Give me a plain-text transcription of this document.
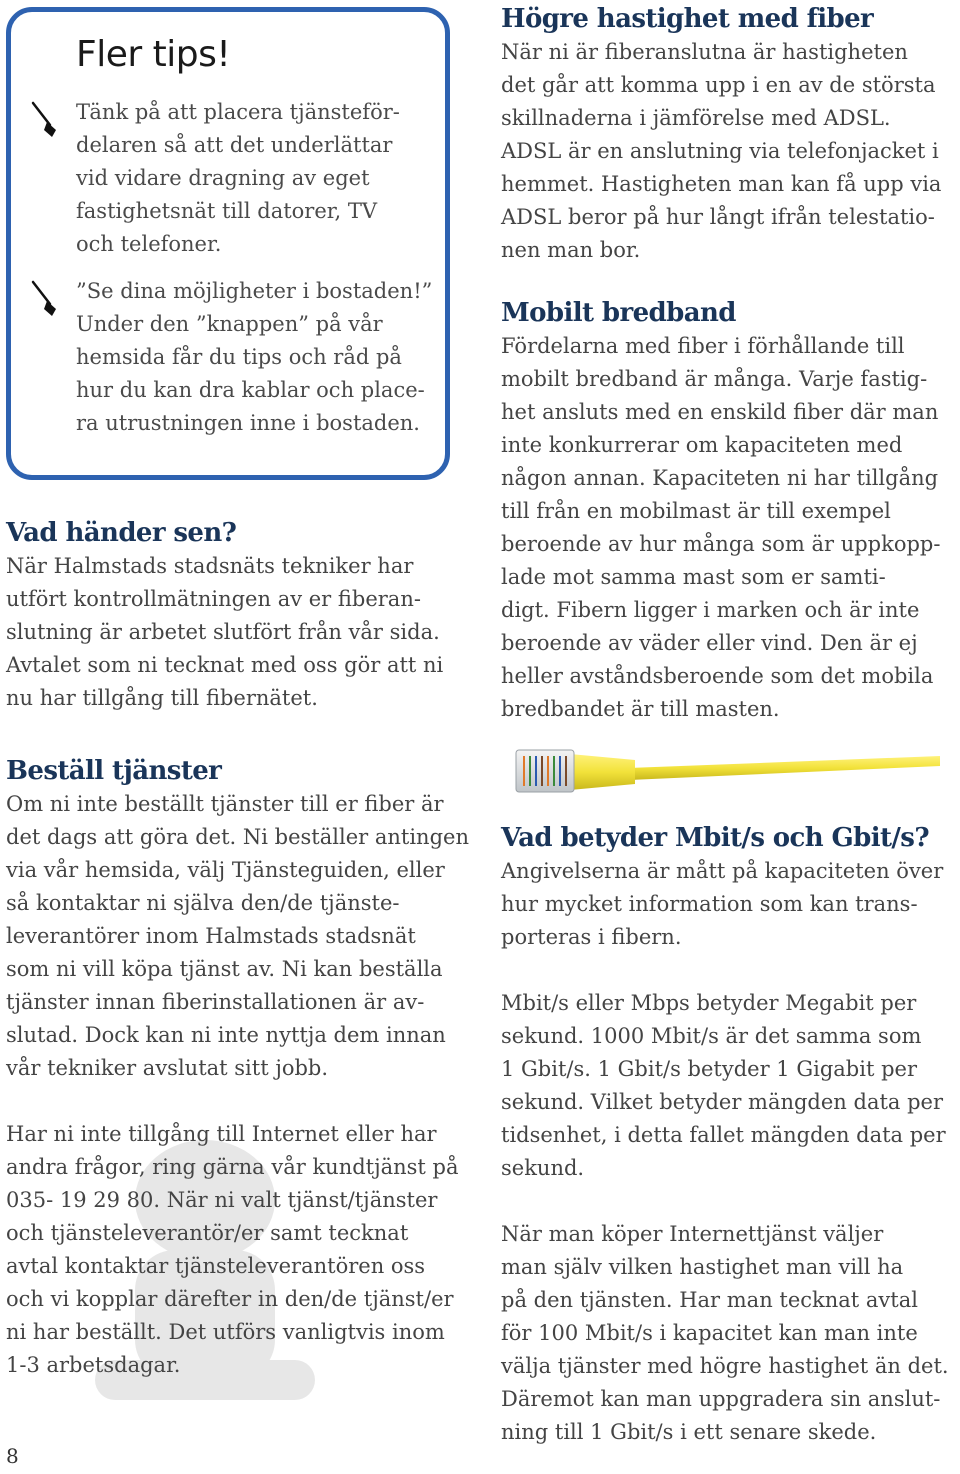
Fler tips!

Tänk på att placera tjänsteför-

delaren så att det underlättar

vid vidare dragning av eget

fastighetsnät till datorer, TV

och telefoner.

”Se dina möjligheter i bostaden!”

Under den ”knappen” på vår

hemsida får du tips och råd på

hur du kan dra kablar och place-

ra utrustningen inne i bostaden.

Vad händer sen?

När Halmstads stadsnäts tekniker har

utfört kontrollmätningen av er fiberan-

slutning är arbetet slutfört från vår sida.

Avtalet som ni tecknat med oss gör att ni

nu har tillgång till fibernätet.

Beställ tjänster

Om ni inte beställt tjänster till er fiber är

det dags att göra det. Ni beställer antingen

via vår hemsida, välj Tjänsteguiden, eller

så kontaktar ni själva den/de tjänste-

leverantörer inom Halmstads stadsnät

som ni vill köpa tjänst av. Ni kan beställa

tjänster innan fiberinstallationen är av-

slutad. Dock kan ni inte nyttja dem innan

vår tekniker avslutat sitt jobb.

Har ni inte tillgång till Internet eller har

andra frågor, ring gärna vår kundtjänst på

035- 19 29 80. När ni valt tjänst/tjänster

och tjänsteleverantör/er samt tecknat

avtal kontaktar tjänsteleverantören oss

och vi kopplar därefter in den/de tjänst/er

ni har beställt. Det utförs vanligtvis inom

1-3 arbetsdagar.

Högre hastighet med fiber

När ni är fiberanslutna är hastigheten

det går att komma upp i en av de största

skillnaderna i jämförelse med ADSL.

ADSL är en anslutning via telefonjacket i

hemmet. Hastigheten man kan få upp via

ADSL beror på hur långt ifrån telestatio-

nen man bor.

Mobilt bredband

Fördelarna med fiber i förhållande till

mobilt bredband är många. Varje fastig-

het ansluts med en enskild fiber där man

inte konkurrerar om kapaciteten med

någon annan. Kapaciteten ni har tillgång

till från en mobilmast är till exempel

beroende av hur många som är uppkopp-

lade mot samma mast som er samti-

digt. Fibern ligger i marken och är inte

beroende av väder eller vind. Den är ej

heller avståndsberoende som det mobila

bredbandet är till masten.

Vad betyder Mbit/s och Gbit/s?

Angivelserna är mått på kapaciteten över

hur mycket information som kan trans-

porteras i fibern.

Mbit/s eller Mbps betyder Megabit per

sekund. 1000 Mbit/s är det samma som

1 Gbit/s. 1 Gbit/s betyder 1 Gigabit per

sekund. Vilket betyder mängden data per

tidsenhet, i detta fallet mängden data per

sekund.

När man köper Internettjänst väljer

man själv vilken hastighet man vill ha

på den tjänsten. Har man tecknat avtal

för 100 Mbit/s i kapacitet kan man inte

välja tjänster med högre hastighet än det.

Däremot kan man uppgradera sin anslut-

ning till 1 Gbit/s i ett senare skede.

8
